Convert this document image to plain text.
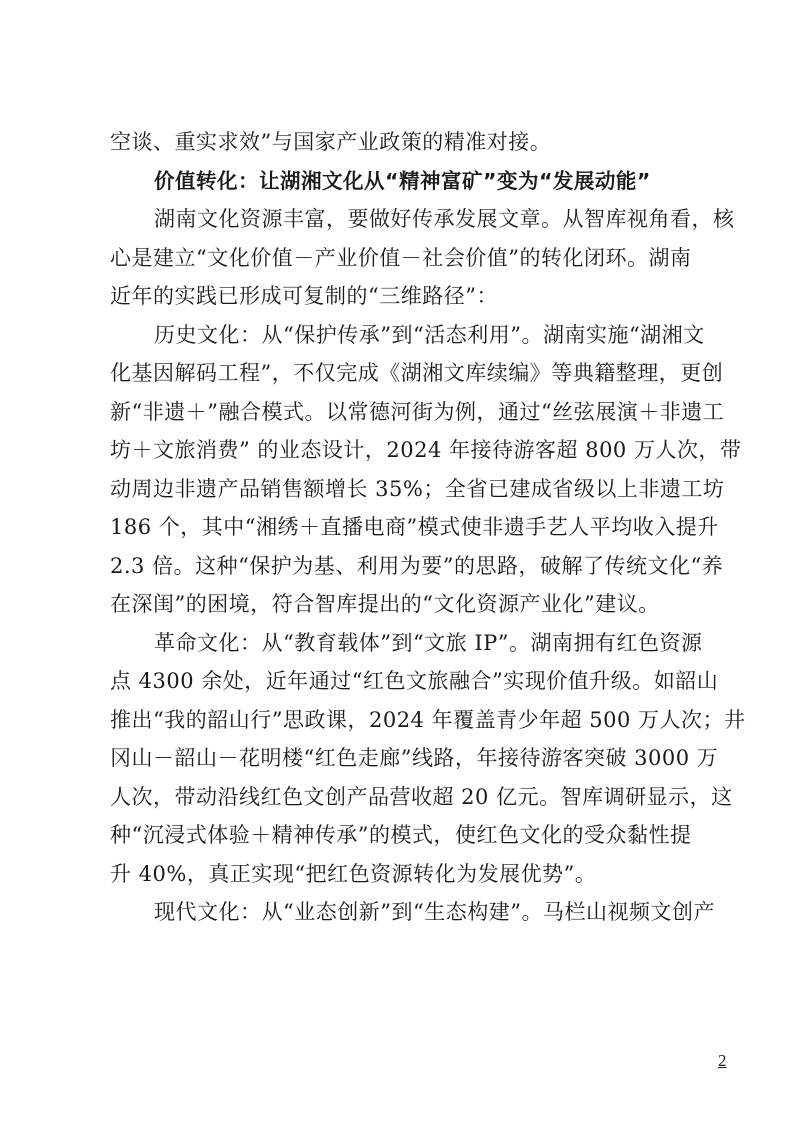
空谈、重实求效”与国家产业政策的精准对接。
价值转化：让湖湘文化从“精神富矿”变为“发展动能”
湖南文化资源丰富，要做好传承发展文章。从智库视角看，核
心是建立“文化价值－产业价值－社会价值”的转化闭环。湖南
近年的实践已形成可复制的“三维路径”：
历史文化：从“保护传承”到“活态利用”。湖南实施“湖湘文
化基因解码工程”，不仅完成《湖湘文库续编》等典籍整理，更创
新“非遗＋”融合模式。以常德河街为例，通过“丝弦展演＋非遗工
坊＋文旅消费” 的业态设计，2024 年接待游客超 800 万人次，带
动周边非遗产品销售额增长 35%；全省已建成省级以上非遗工坊
186 个，其中“湘绣＋直播电商”模式使非遗手艺人平均收入提升
2.3 倍。这种“保护为基、利用为要”的思路，破解了传统文化“养
在深闺”的困境，符合智库提出的“文化资源产业化”建议。
革命文化：从“教育载体”到“文旅 IP”。湖南拥有红色资源
点 4300 余处，近年通过“红色文旅融合”实现价值升级。如韶山
推出“我的韶山行”思政课，2024 年覆盖青少年超 500 万人次；井
冈山－韶山－花明楼“红色走廊”线路，年接待游客突破 3000 万
人次，带动沿线红色文创产品营收超 20 亿元。智库调研显示，这
种“沉浸式体验＋精神传承”的模式，使红色文化的受众黏性提
升 40%，真正实现“把红色资源转化为发展优势”。
现代文化：从“业态创新”到“生态构建”。马栏山视频文创产
2
